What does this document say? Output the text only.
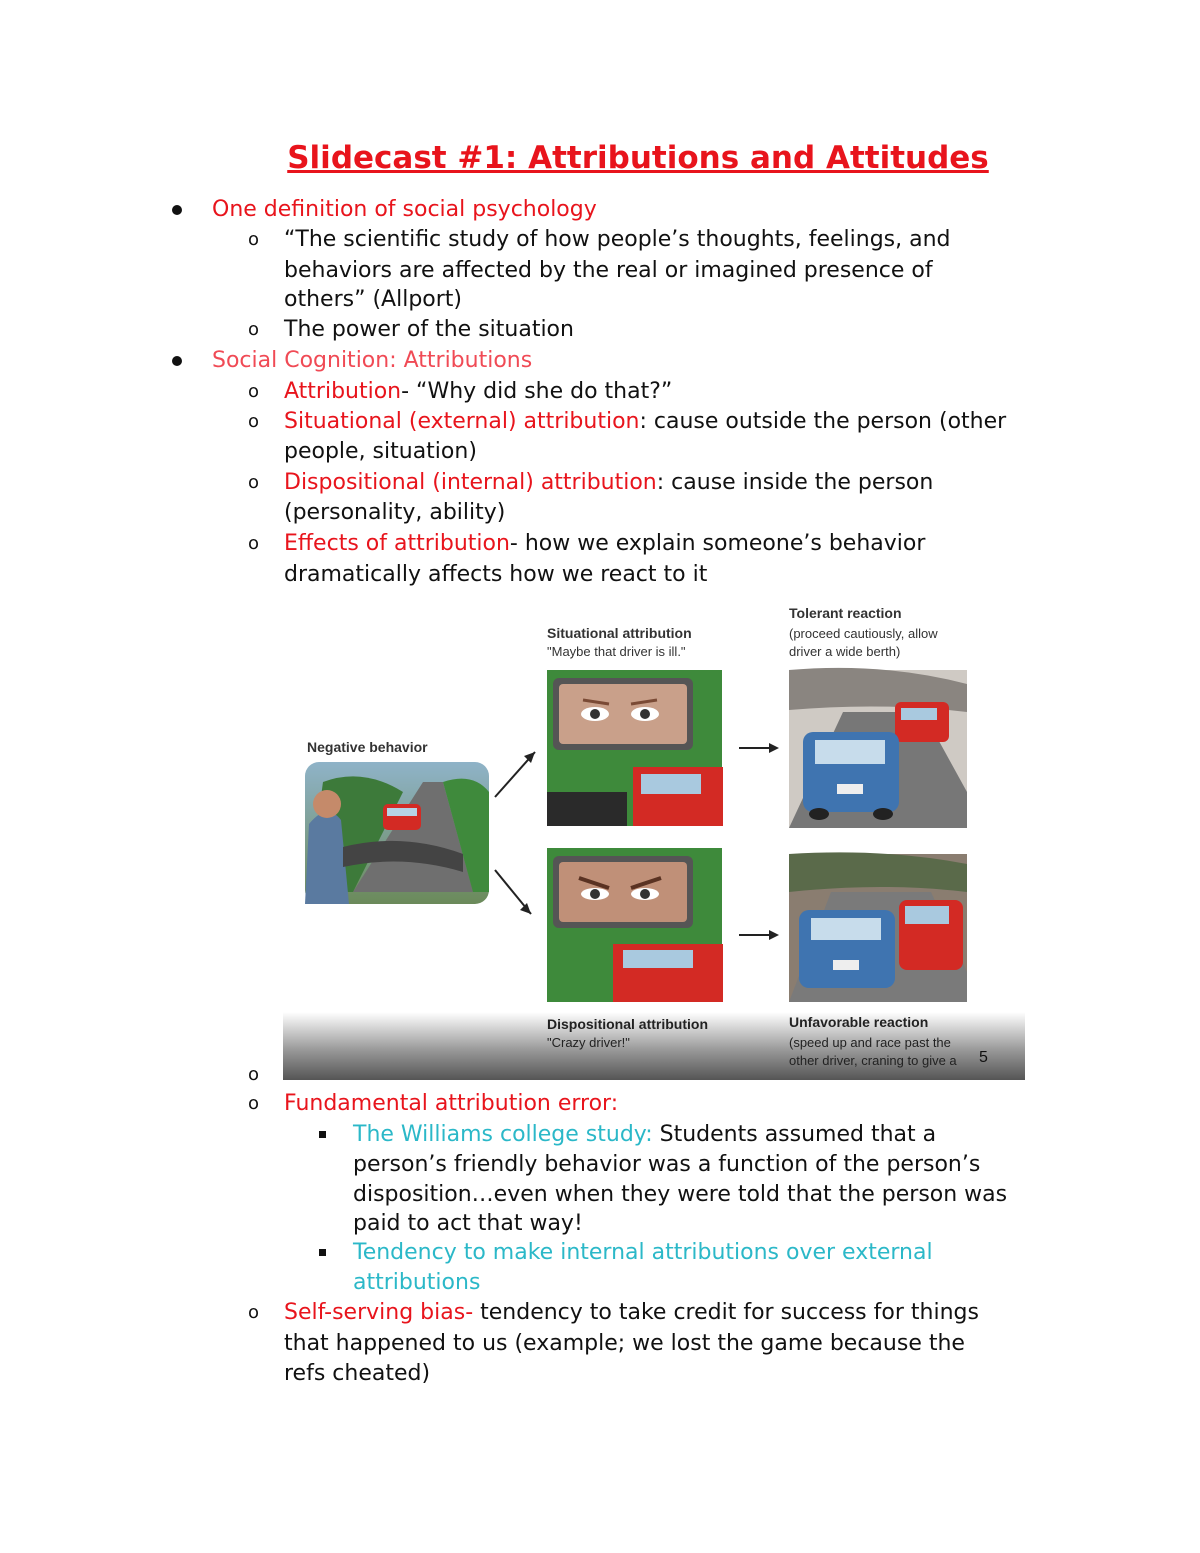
Slidecast #1: Attributions and Attitudes
One definition of social psychology
o “The scientific study of how people’s thoughts, feelings, and
behaviors are affected by the real or imagined presence of
others” (Allport)
o The power of the situation
Social Cognition: Attributions
o Attribution- “Why did she do that?”
o Situational (external) attribution: cause outside the person (other
people, situation)
o Dispositional (internal) attribution: cause inside the person
(personality, ability)
o Effects of attribution- how we explain someone’s behavior
dramatically affects how we react to it
Negative behavior
Situational attribution
"Maybe that driver is ill."
Tolerant reaction
(proceed cautiously, allow
driver a wide berth)
Dispositional attribution
"Crazy driver!"
Unfavorable reaction
(speed up and race past the
other driver, craning to give a 5
o
o Fundamental attribution error:
The Williams college study: Students assumed that a
person’s friendly behavior was a function of the person’s
disposition…even when they were told that the person was
paid to act that way!
Tendency to make internal attributions over external
attributions
o Self-serving bias- tendency to take credit for success for things
that happened to us (example; we lost the game because the
refs cheated)
